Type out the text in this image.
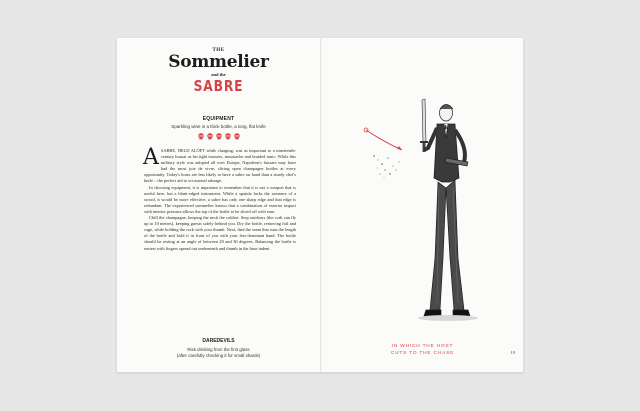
THE
Sommelier
and the
SABRE
EQUIPMENT
Sparkling wine in a thick bottle, a long, flat knife

ASABRE, HELD ALOFT while charging, was as important to a nineteenth-century hussar as his tight trousers, moustache and braided tunic. While this military style was adopted all over Europe, Napoleon's hussars may have had the most joie de vivre, slicing open champagne bottles at every opportunity. Today's hosts are less likely to have a sabre on hand than a sturdy chef's knife – the perfect aid to occasional sabrage.

In choosing equipment, it is important to remember that it is not a weapon that is useful here, but a blunt-edged instrument. While a spatula lacks the romance of a sword, it would be more effective; a sabre has only one sharp edge and that edge is redundant. The experienced sommelier knows that a combination of exterior impact with interior pressure allows the top of the bottle to be sliced off with ease.

Chill the champagne, keeping the neck the coldest. Step outdoors (the cork can fly up to 10 metres), keeping guests safely behind you. Dry the bottle, removing foil and cage, while holding the cork with your thumb. Next, find the seam that runs the length of the bottle and hold it in front of you with your less-dominant hand. The bottle should be resting at an angle of between 20 and 30 degrees. Balancing the bottle is easiest with fingers spread out underneath and thumb in the base indent.

DAREDEVILS
Risk drinking from the first glass
(after carefully checking it for small shards)
IN WHICH THE HOST
CUTS TO THE CHASE	19
